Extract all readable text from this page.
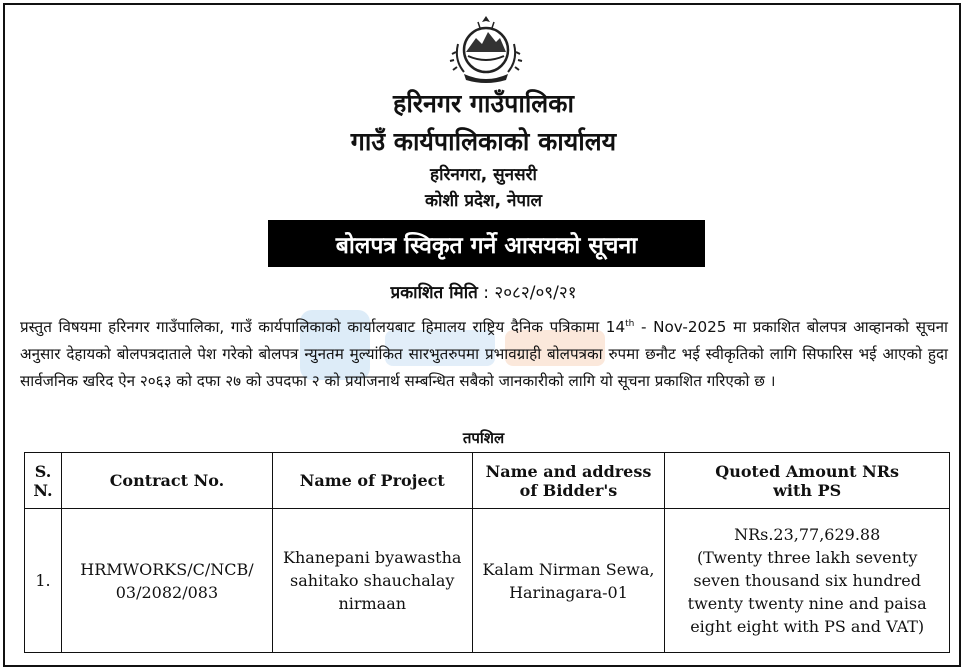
हरिनगर गाउँपालिका
गाउँ कार्यपालिकाको कार्यालय
हरिनगरा, सुनसरी
कोशी प्रदेश, नेपाल
बोलपत्र स्विकृत गर्ने आसयको सूचना
प्रकाशित मिति : २०८२/०९/२१
प्रस्तुत विषयमा हरिनगर गाउँपालिका, गाउँ कार्यपालिकाको कार्यालयबाट हिमालय राष्ट्रिय दैनिक पत्रिकामा 14th - Nov-2025 मा प्रकाशित बोलपत्र आव्हानको सूचना अनुसार देहायको बोलपत्रदाताले पेश गरेको बोलपत्र न्युनतम मुल्यांकित सारभुतरुपमा प्रभावग्राही बोलपत्रका रुपमा छनौट भई स्वीकृतिको लागि सिफारिस भई आएको हुदा सार्वजनिक खरिद ऐन २०६३ को दफा २७ को उपदफा २ को प्रयोजनार्थ सम्बन्धित सबैको जानकारीको लागि यो सूचना प्रकाशित गरिएको छ ।
तपशिल
S. N.	Contract No.	Name of Project	Name and address of Bidder's	Quoted Amount NRs
with PS

1.	HRMWORKS/C/NCB/ 03/2082/083	Khanepani byawastha sahitako shauchalay nirmaan	Kalam Nirman Sewa, Harinagara-01	NRs.23,77,629.88
(Twenty three lakh seventy seven thousand six hundred twenty twenty nine and paisa eight eight with PS and VAT)
